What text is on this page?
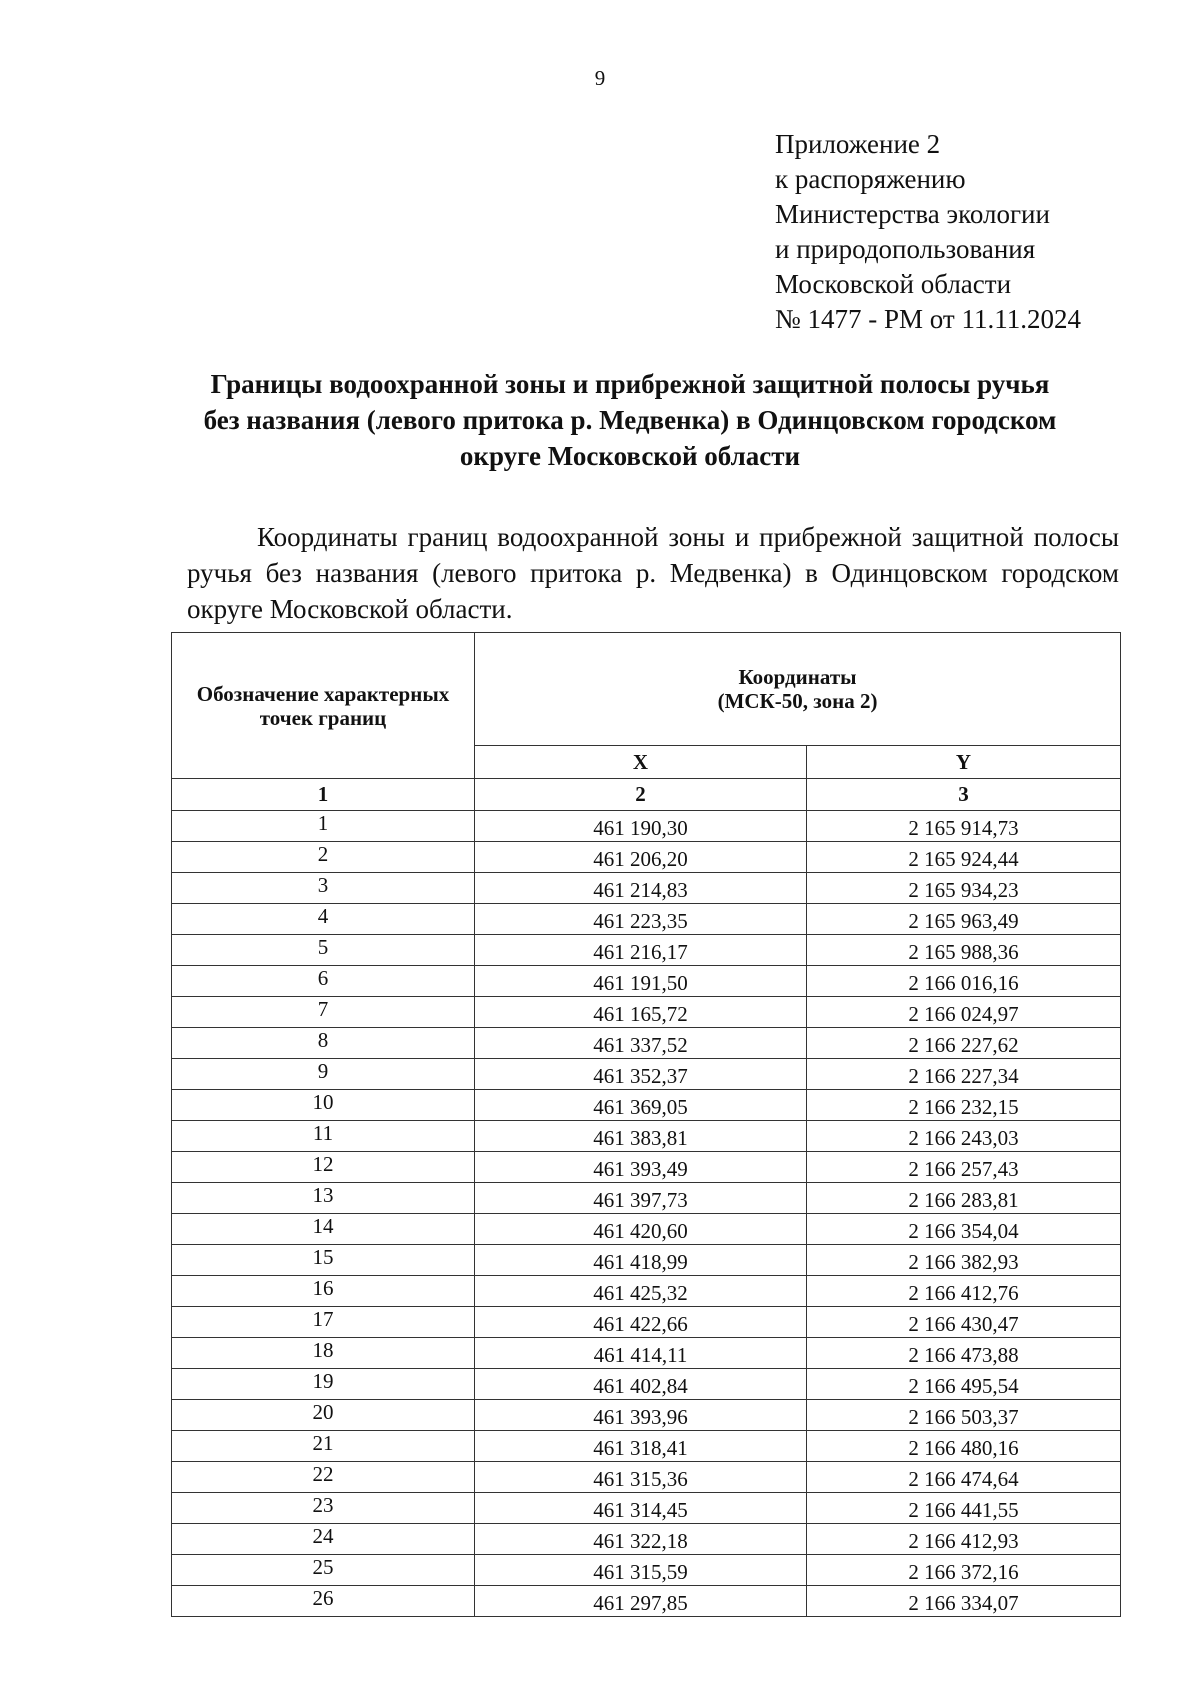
9
Приложение 2
к распоряжению
Министерства экологии
и природопользования
Московской области
№ 1477 - РМ от 11.11.2024
Границы водоохранной зоны и прибрежной защитной полосы ручья
без названия (левого притока р. Медвенка) в Одинцовском городском
округе Московской области
Координаты границ водоохранной зоны и прибрежной защитной полосы ручья без названия (левого притока р. Медвенка) в Одинцовском городском округе Московской области.
Обозначение характерных
точек границ	Координаты
(МСК-50, зона 2)	
	X	Y
1	2	3
1	461 190,30	2 165 914,73
2	461 206,20	2 165 924,44
3	461 214,83	2 165 934,23
4	461 223,35	2 165 963,49
5	461 216,17	2 165 988,36
6	461 191,50	2 166 016,16
7	461 165,72	2 166 024,97
8	461 337,52	2 166 227,62
9	461 352,37	2 166 227,34
10	461 369,05	2 166 232,15
11	461 383,81	2 166 243,03
12	461 393,49	2 166 257,43
13	461 397,73	2 166 283,81
14	461 420,60	2 166 354,04
15	461 418,99	2 166 382,93
16	461 425,32	2 166 412,76
17	461 422,66	2 166 430,47
18	461 414,11	2 166 473,88
19	461 402,84	2 166 495,54
20	461 393,96	2 166 503,37
21	461 318,41	2 166 480,16
22	461 315,36	2 166 474,64
23	461 314,45	2 166 441,55
24	461 322,18	2 166 412,93
25	461 315,59	2 166 372,16
26	461 297,85	2 166 334,07
